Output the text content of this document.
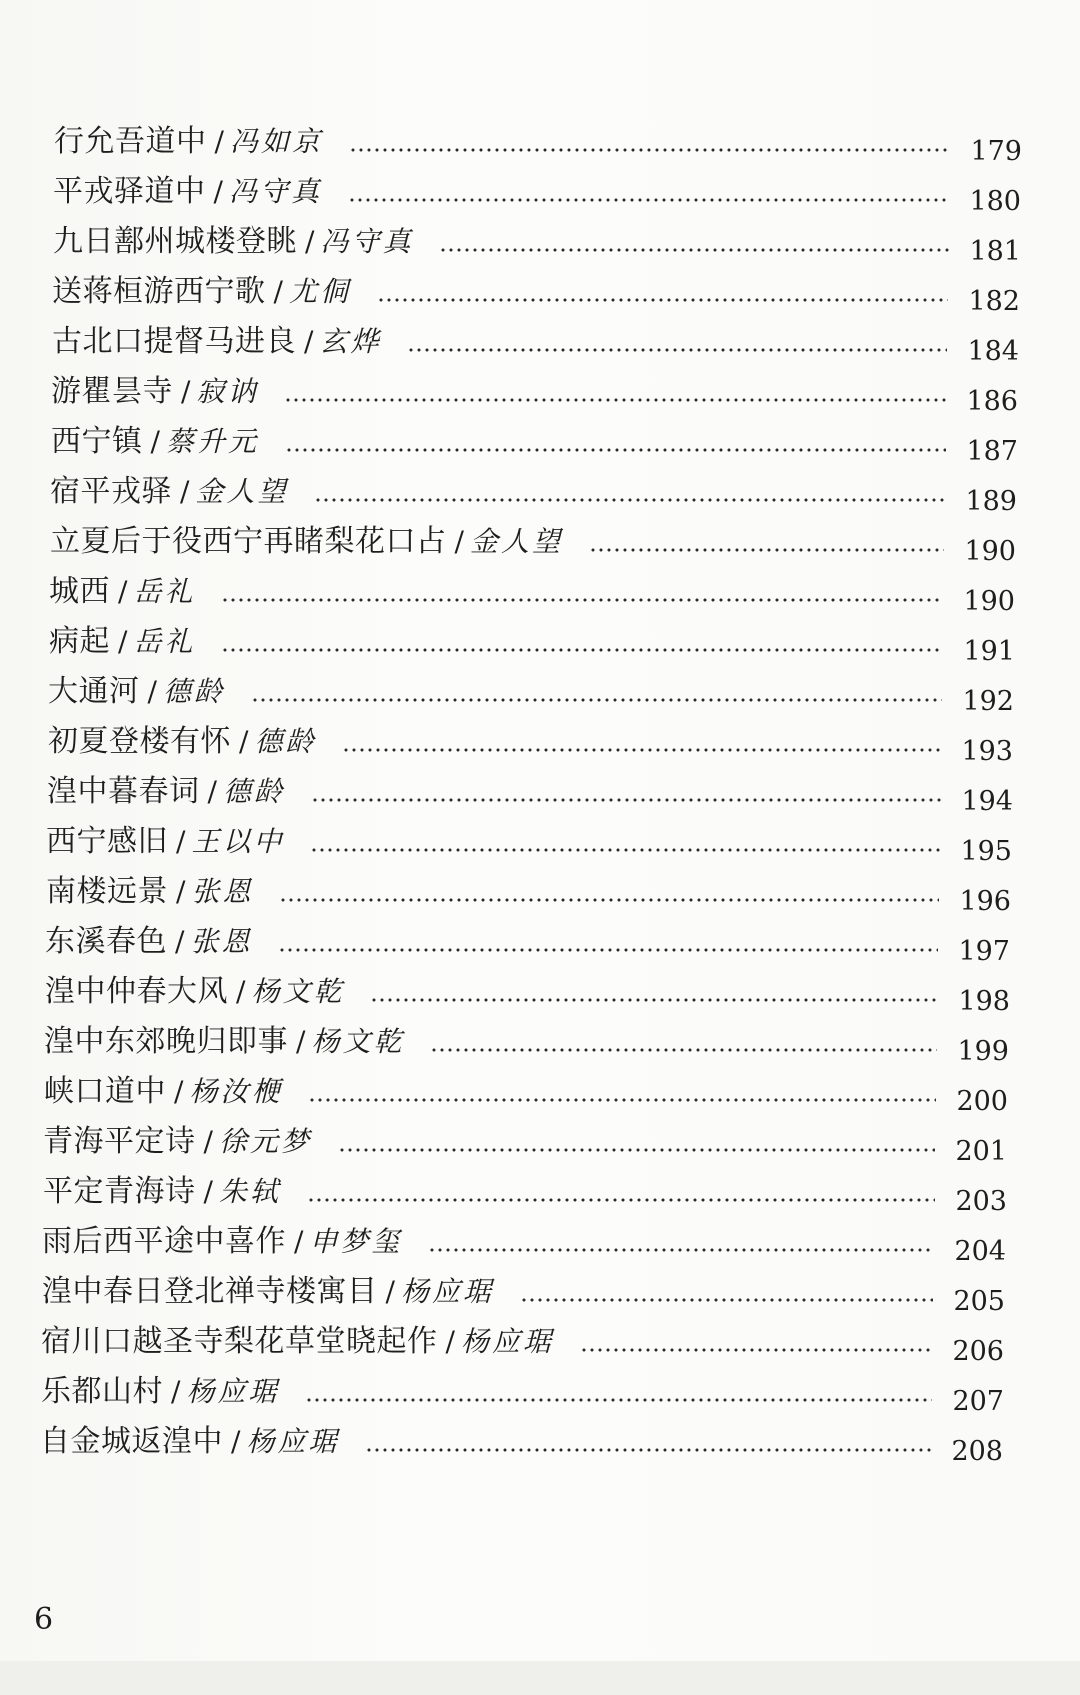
行允吾道中 / 冯如京	179
平戎驿道中 / 冯守真	180
九日鄯州城楼登眺 / 冯守真	181
送蒋桓游西宁歌 / 尤侗	182
古北口提督马进良 / 玄烨	184
游瞿昙寺 / 寂讷	186
西宁镇 / 蔡升元	187
宿平戎驿 / 金人望	189
立夏后于役西宁再睹梨花口占 / 金人望	190
城西 / 岳礼	190
病起 / 岳礼	191
大通河 / 德龄	192
初夏登楼有怀 / 德龄	193
湟中暮春词 / 德龄	194
西宁感旧 / 王以中	195
南楼远景 / 张恩	196
东溪春色 / 张恩	197
湟中仲春大风 / 杨文乾	198
湟中东郊晚归即事 / 杨文乾	199
峡口道中 / 杨汝楩	200
青海平定诗 / 徐元梦	201
平定青海诗 / 朱轼	203
雨后西平途中喜作 / 申梦玺	204
湟中春日登北禅寺楼寓目 / 杨应琚	205
宿川口越圣寺梨花草堂晓起作 / 杨应琚	206
乐都山村 / 杨应琚	207
自金城返湟中 / 杨应琚	208
6
